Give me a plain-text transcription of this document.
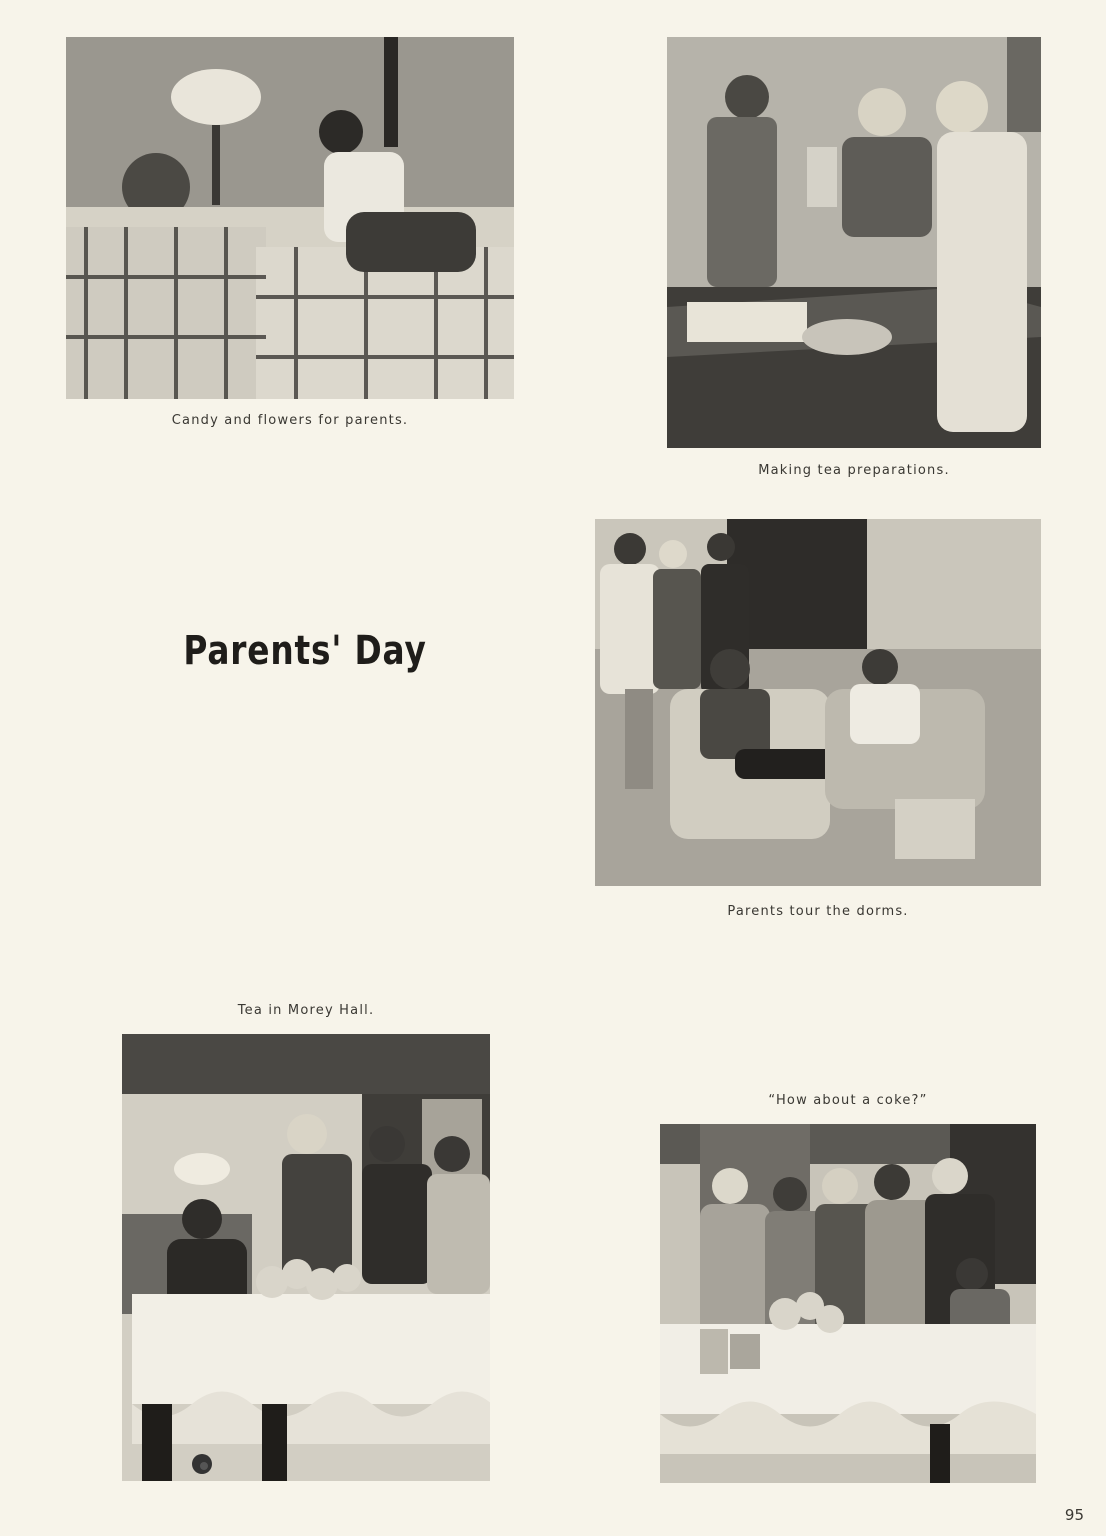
Candy and flowers for parents.
Making tea preparations.
Parents' Day
Parents tour the dorms.
Tea in Morey Hall.
“How about a coke?”
95
